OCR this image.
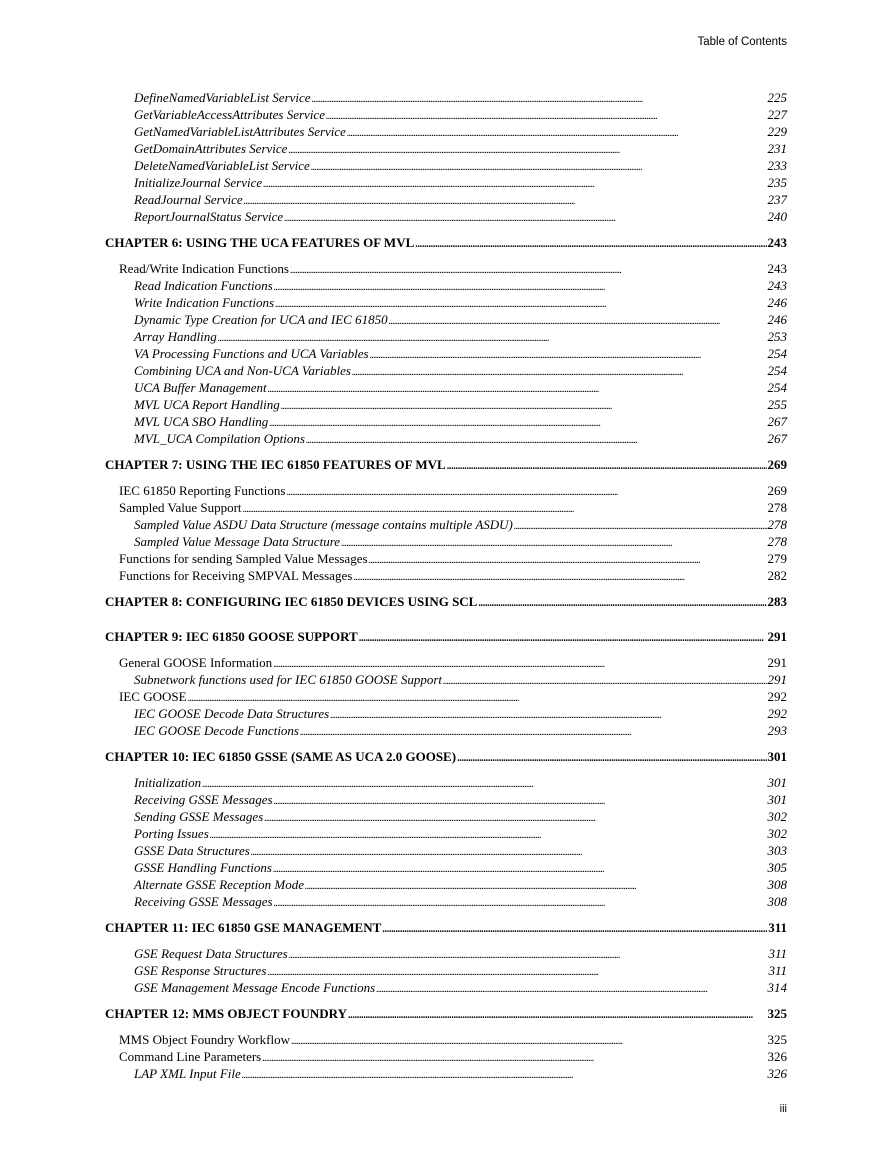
Table of Contents
DefineNamedVariableList Service . . .	225
GetVariableAccessAttributes Service . . .	227
GetNamedVariableListAttributes Service . . .	229
GetDomainAttributes Service . . .	231
DeleteNamedVariableList Service . . .	233
InitializeJournal Service . . .	235
ReadJournal Service . . .	237
ReportJournalStatus Service . . .	240
CHAPTER 6: USING THE UCA FEATURES OF MVL . . .	243
Read/Write Indication Functions . . .	243
Read Indication Functions . . .	243
Write Indication Functions . . .	246
Dynamic Type Creation for UCA and IEC 61850 . . .	246
Array Handling . . .	253
VA Processing Functions and UCA Variables . . .	254
Combining UCA and Non-UCA Variables . . .	254
UCA Buffer Management . . .	254
MVL UCA Report Handling . . .	255
MVL UCA SBO Handling . . .	267
MVL_UCA Compilation Options . . .	267
CHAPTER 7: USING THE IEC 61850 FEATURES OF MVL . . .	269
IEC 61850 Reporting Functions . . .	269
Sampled Value Support . . .	278
Sampled Value ASDU Data Structure (message contains multiple ASDU) . . .	278
Sampled Value Message Data Structure . . .	278
Functions for sending Sampled Value Messages . . .	279
Functions for Receiving SMPVAL Messages . . .	282
CHAPTER 8: CONFIGURING IEC 61850 DEVICES USING SCL . . .	283
CHAPTER 9: IEC 61850 GOOSE SUPPORT . . .	291
General GOOSE Information . . .	291
Subnetwork functions used for IEC 61850 GOOSE Support . . .	291
IEC GOOSE . . .	292
IEC GOOSE Decode Data Structures . . .	292
IEC GOOSE Decode Functions . . .	293
CHAPTER 10: IEC 61850 GSSE (SAME AS UCA 2.0 GOOSE) . . .	301
Initialization . . .	301
Receiving GSSE Messages . . .	301
Sending GSSE Messages . . .	302
Porting Issues . . .	302
GSSE Data Structures . . .	303
GSSE Handling Functions . . .	305
Alternate GSSE Reception Mode . . .	308
Receiving GSSE Messages . . .	308
CHAPTER 11: IEC 61850 GSE MANAGEMENT . . .	311
GSE Request Data Structures . . .	311
GSE Response Structures . . .	311
GSE Management Message Encode Functions . . .	314
CHAPTER 12: MMS OBJECT FOUNDRY . . .	325
MMS Object Foundry Workflow . . .	325
Command Line Parameters . . .	326
LAP XML Input File . . .	326
iii
